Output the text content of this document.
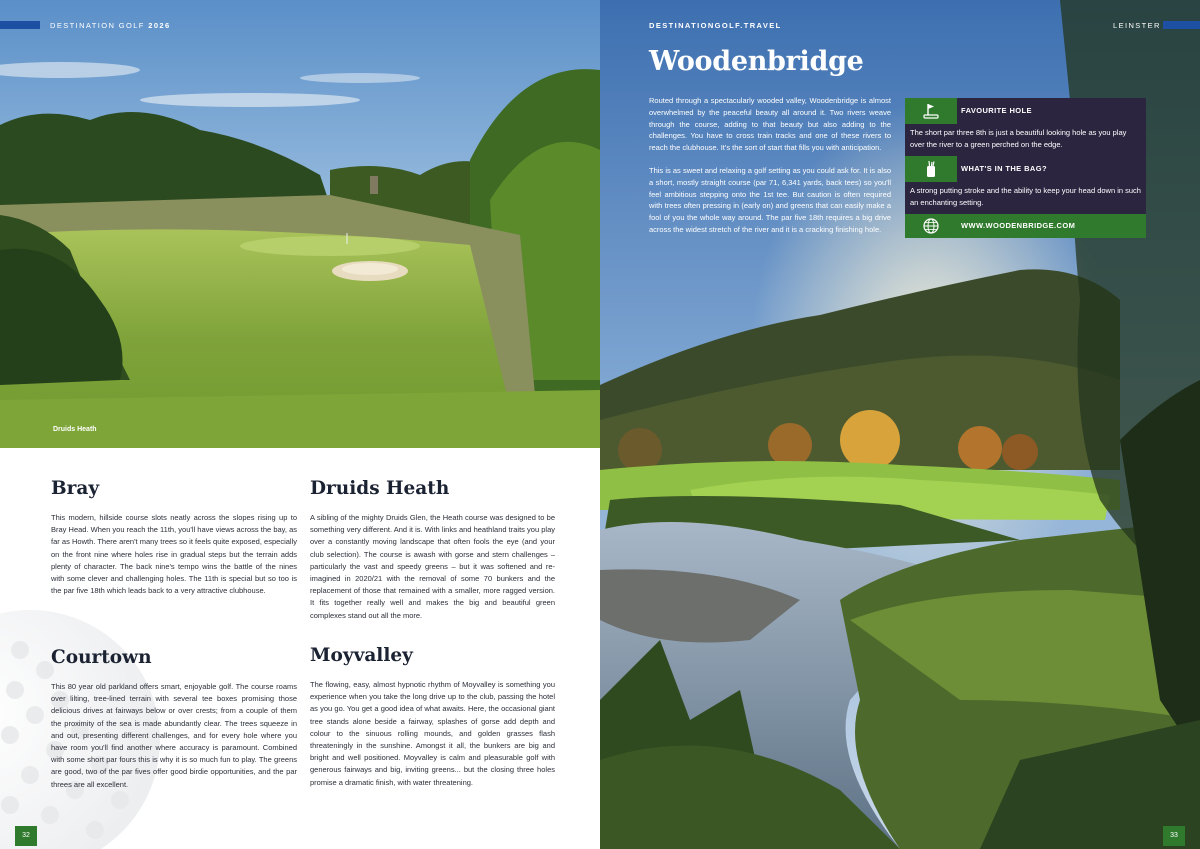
DESTINATION GOLF 2026
Druids Heath
Bray
This modern, hillside course slots neatly across the slopes rising up to Bray Head. When you reach the 11th, you'll have views across the bay, as far as Howth. There aren't many trees so it feels quite exposed, especially on the front nine where holes rise in gradual steps but the terrain adds plenty of character. The back nine's tempo wins the battle of the nines with some clever and challenging holes. The 11th is special but so too is the par five 18th which leads back to a very attractive clubhouse.
Courtown
This 80 year old parkland offers smart, enjoyable golf. The course roams over lilting, tree-lined terrain with several tee boxes promising those delicious drives at fairways below or over crests; from a couple of them the proximity of the sea is made abundantly clear. The trees squeeze in and out, presenting different challenges, and for every hole where you have room you'll find another where accuracy is paramount. Combined with some short par fours this is why it is so much fun to play. The greens are good, two of the par fives offer good birdie opportunities, and the par threes are all excellent.
Druids Heath
A sibling of the mighty Druids Glen, the Heath course was designed to be something very different. And it is. With links and heathland traits you play over a constantly moving landscape that often fools the eye (and your club selection). The course is awash with gorse and stern challenges – particularly the vast and speedy greens – but it was softened and re-imagined in 2020/21 with the removal of some 70 bunkers and the replacement of those that remained with a smaller, more ragged version. It fits together really well and makes the big and beautiful green complexes stand out all the more.
Moyvalley
The flowing, easy, almost hypnotic rhythm of Moyvalley is something you experience when you take the long drive up to the club, passing the hotel as you go. You get a good idea of what awaits. Here, the occasional giant tree stands alone beside a fairway, splashes of gorse add depth and colour to the sinuous rolling mounds, and golden grasses flash threateningly in the sunshine. Amongst it all, the bunkers are big and bright and well positioned. Moyvalley is calm and pleasurable golf with generous fairways and big, inviting greens... but the closing three holes promise a dramatic finish, with water threatening.
32
DESTINATIONGOLF.TRAVEL	LEINSTER
Woodenbridge

Routed through a spectacularly wooded valley, Woodenbridge is almost overwhelmed by the peaceful beauty all around it. Two rivers weave through the course, adding to that beauty but also adding to the challenges. You have to cross train tracks and one of these rivers to reach the clubhouse. It's the sort of start that fills you with anticipation.

This is as sweet and relaxing a golf setting as you could ask for. It is also a short, mostly straight course (par 71, 6,341 yards, back tees) so you'll feel ambitious stepping onto the 1st tee. But caution is often required with trees often pressing in (early on) and greens that can easily make a fool of you the whole way around. The par five 18th requires a big drive across the widest stretch of the river and it is a cracking finishing hole.

FAVOURITE HOLE
The short par three 8th is just a beautiful looking hole as you play over the river to a green perched on the edge.
WHAT'S IN THE BAG?
A strong putting stroke and the ability to keep your head down in such an enchanting setting.
WWW.WOODENBRIDGE.COM
33
